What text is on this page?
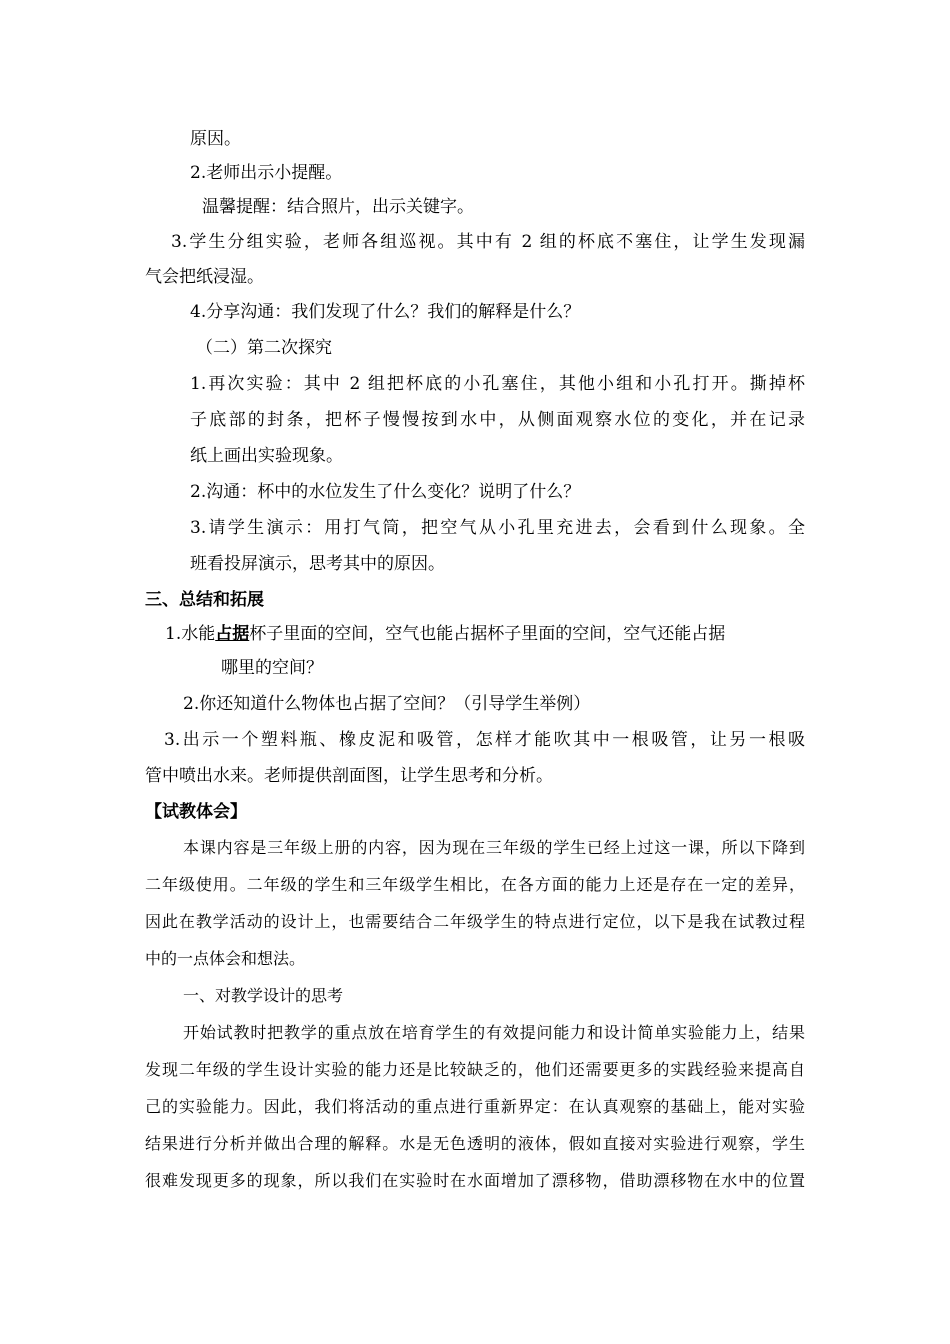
原因。
2.老师出示小提醒。
温馨提醒：结合照片，出示关键字。
3.学生分组实验，老师各组巡视。其中有 2 组的杯底不塞住，让学生发现漏
气会把纸浸湿。
4.分享沟通：我们发现了什么？我们的解释是什么？
（二）第二次探究
1.再次实验：其中 2 组把杯底的小孔塞住，其他小组和小孔打开。撕掉杯
子底部的封条，把杯子慢慢按到水中，从侧面观察水位的变化，并在记录
纸上画出实验现象。
2.沟通：杯中的水位发生了什么变化？说明了什么？
3.请学生演示：用打气筒，把空气从小孔里充进去，会看到什么现象。全
班看投屏演示，思考其中的原因。
三、总结和拓展
1.水能占据杯子里面的空间，空气也能占据杯子里面的空间，空气还能占据
哪里的空间？
2.你还知道什么物体也占据了空间？（引导学生举例）
3.出示一个塑料瓶、橡皮泥和吸管，怎样才能吹其中一根吸管，让另一根吸
管中喷出水来。老师提供剖面图，让学生思考和分析。
【试教体会】
本课内容是三年级上册的内容，因为现在三年级的学生已经上过这一课，所以下降到
二年级使用。二年级的学生和三年级学生相比，在各方面的能力上还是存在一定的差异，
因此在教学活动的设计上，也需要结合二年级学生的特点进行定位，以下是我在试教过程
中的一点体会和想法。
一、对教学设计的思考
开始试教时把教学的重点放在培育学生的有效提问能力和设计简单实验能力上，结果
发现二年级的学生设计实验的能力还是比较缺乏的，他们还需要更多的实践经验来提高自
己的实验能力。因此，我们将活动的重点进行重新界定：在认真观察的基础上，能对实验
结果进行分析并做出合理的解释。水是无色透明的液体，假如直接对实验进行观察，学生
很难发现更多的现象，所以我们在实验时在水面增加了漂移物，借助漂移物在水中的位置
